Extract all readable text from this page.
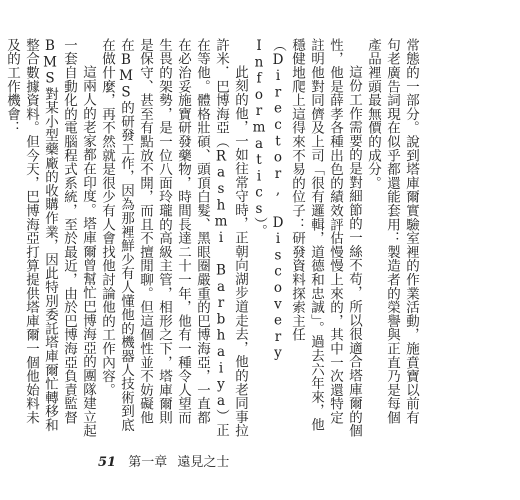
常態的一部分。說到塔庫爾實驗室裡的作業活動，施賁寶以前有句老廣告詞現在似乎都還能套用：製造者的榮譽與正直乃是每個產品裡頭最無價的成分。

這份工作需要的是對細節的一絲不苟，所以很適合塔庫爾的個性，他是薛孝各種出色的績效評估慢慢上來的，其中一次還特定註明他對同儕及上司「很有邏輯，道德和忠誠」。過去六年來，他穩健地爬上這得來不易的位子：研發資料探索主任（Director, Discovery Informatics）。

此刻的他，一如往常守時，正朝向湖步道走去，他的老同事拉許米．巴博海亞（Rashmi Barbhaiya）正在等他。體格壯碩、頭頂白髮、黑眼圈嚴重的巴博海亞，一直都在必治妥施寶研發藥物，時間長達二十一年，他有一種令人望而生畏的架勢，是一位八面玲瓏的高級主管，相形之下，塔庫爾則是保守、甚至有點放不開，而且不擅閒聊。但這個性並不妨礙他在BMS的研發工作，因為那裡鮮少有人懂他的機器人技術到底在做什麼，再不然就是很少有人會找他討論他的工作內容。

這兩人的老家都在印度。塔庫爾曾幫忙巴博海亞的團隊建立起一套自動化的電腦程式系統，至於最近，由於巴博海亞負責監督BMS對某小型藥廠的收購作業，因此特別委託塔庫爾忙轉移和整合數據資料。但今天，巴博海亞打算提供塔庫爾一個他始料未及的工作機會：

51 第一章 遠見之士
